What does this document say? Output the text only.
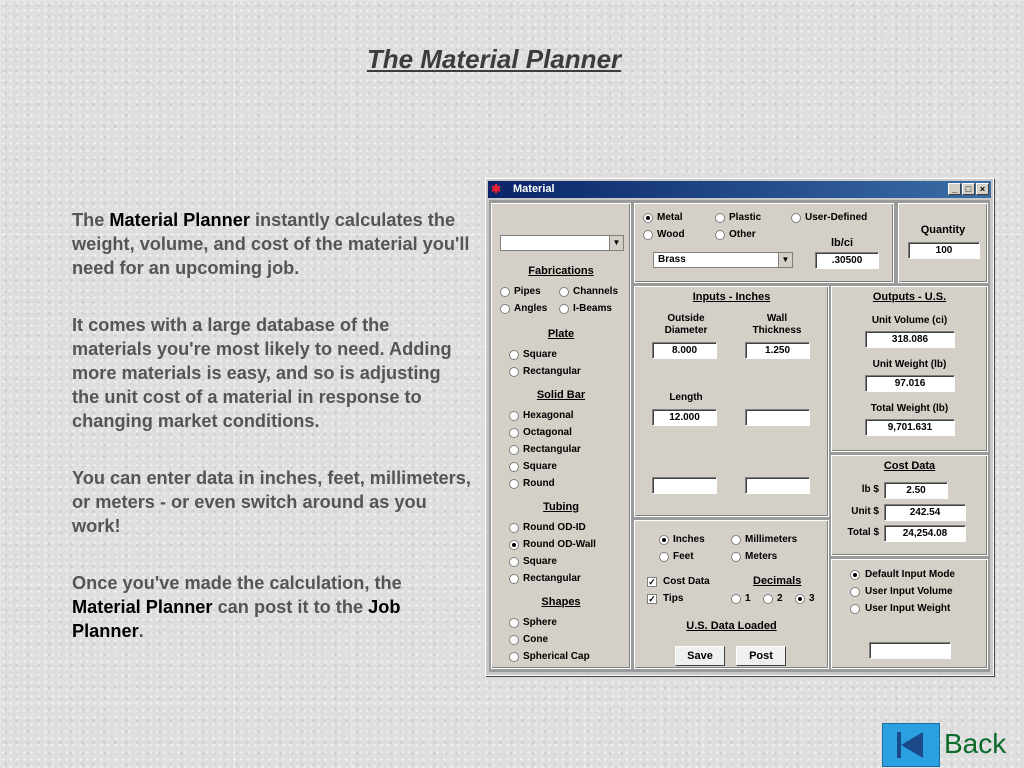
The Material Planner

The Material Planner instantly calculates the weight, volume, and cost of the material you'll need for an upcoming job.

It comes with a large database of the materials you're most likely to need. Adding more materials is easy, and so is adjusting the unit cost of a material in response to changing market conditions.

You can enter data in inches, feet, millimeters, or meters - or even switch around as you work!

Once you've made the calculation, the Material Planner can post it to the Job Planner.

✱ Material	_ □ ×
▼
Fabrications
Pipes	Channels
Angles	I-Beams
Plate
Square
Rectangular
Solid Bar
Hexagonal
Octagonal
Rectangular
Square
Round
Tubing
Round OD-ID
Round OD-Wall
Square
Rectangular
Shapes
Sphere
Cone
Spherical Cap
Metal	Plastic	User-Defined
Wood	Other
lb/ci
Brass	▼	.30500
Quantity
100
Inputs - Inches
Outside
Diameter
Wall
Thickness
8.000	1.250
Length
12.000
Outputs - U.S.
Unit Volume (ci)
318.086
Unit Weight (lb)
97.016
Total Weight (lb)
9,701.631
Cost Data
lb $	2.50
Unit $	242.54
Total $	24,254.08
Inches	Millimeters
Feet	Meters
✓ Cost Data
✓ Tips
Decimals
1	2	3
U.S. Data Loaded
Save	Post
Default Input Mode
User Input Volume
User Input Weight
Back
